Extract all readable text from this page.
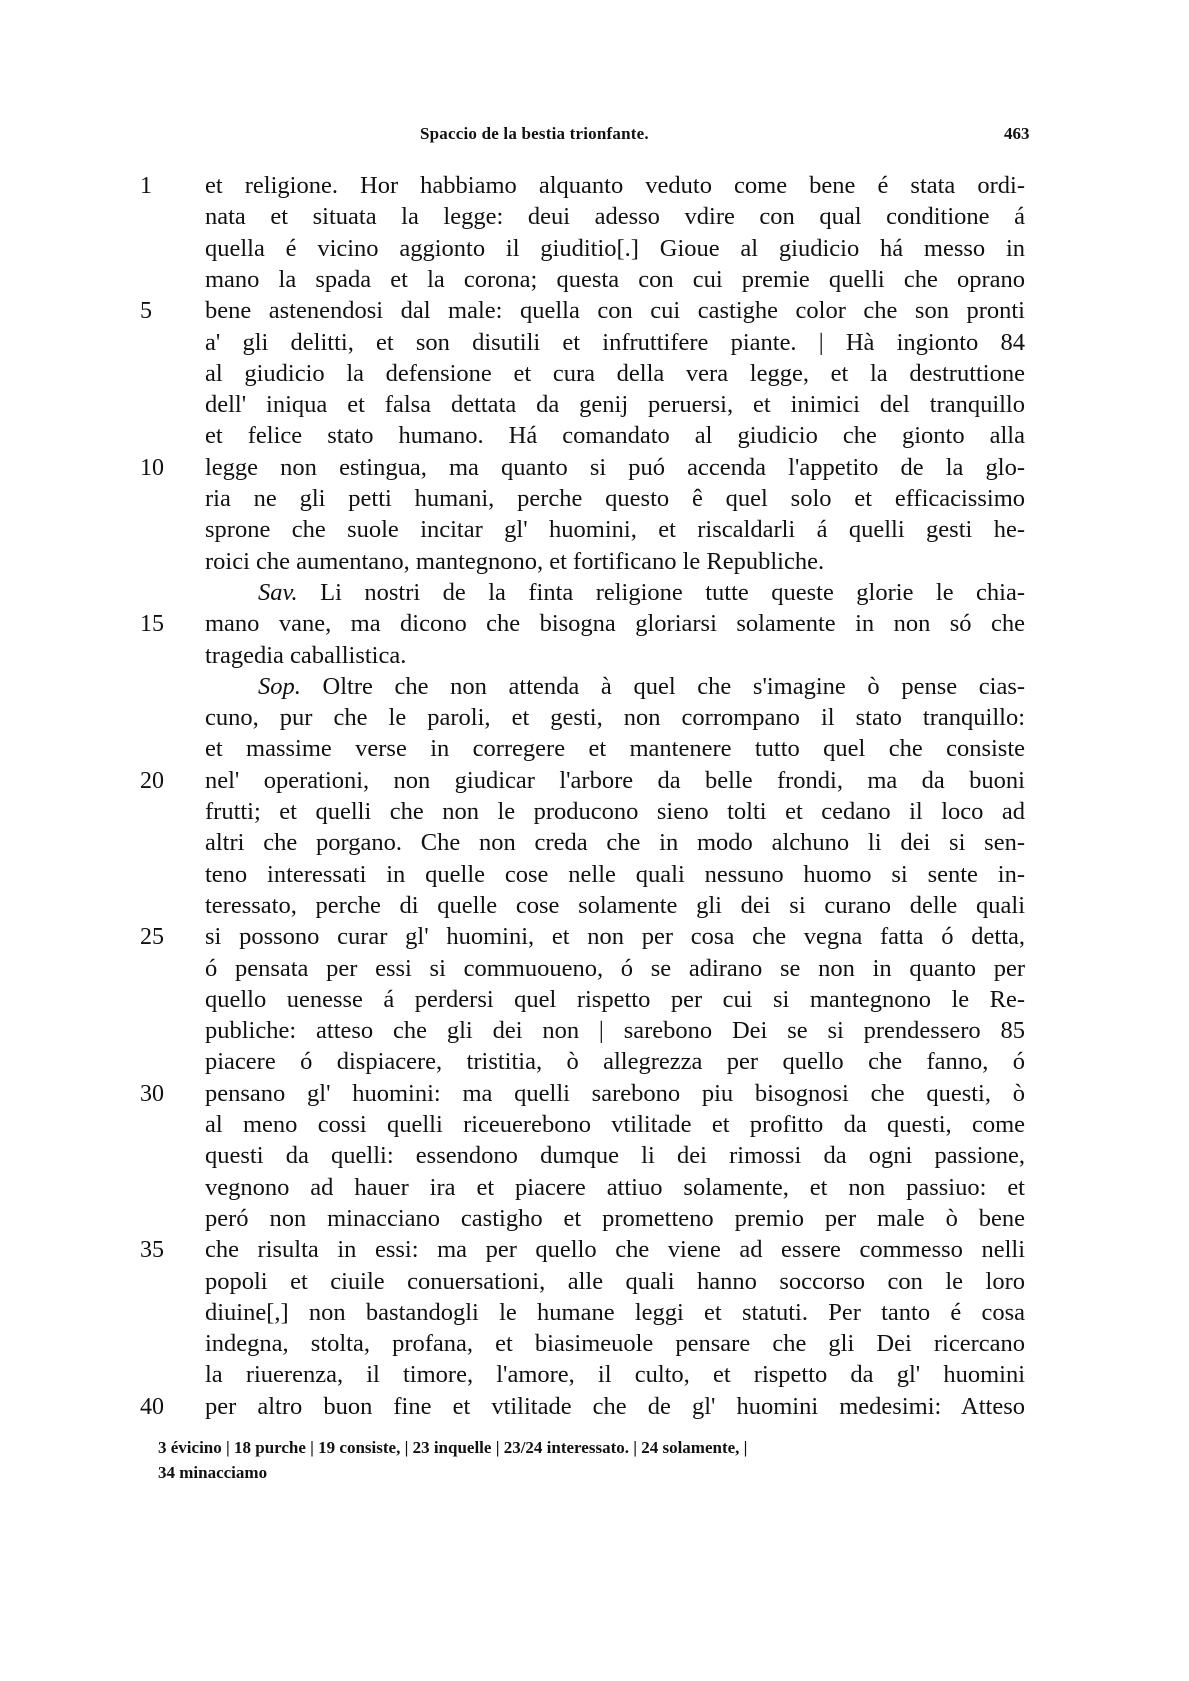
Spaccio de la bestia trionfante.	463
1	et religione. Hor habbiamo alquanto veduto come bene é stata ordi-
nata et situata la legge: deui adesso vdire con qual conditione á
quella é vicino aggionto il giuditio[.] Gioue al giudicio há messo in
mano la spada et la corona; questa con cui premie quelli che oprano
5	bene astenendosi dal male: quella con cui castighe color che son pronti
a' gli delitti, et son disutili et infruttifere piante. | Hà ingionto 84
al giudicio la defensione et cura della vera legge, et la destruttione
dell' iniqua et falsa dettata da genij peruersi, et inimici del tranquillo
et felice stato humano. Há comandato al giudicio che gionto alla
10	legge non estingua, ma quanto si puó accenda l'appetito de la glo-
ria ne gli petti humani, perche questo ê quel solo et efficacissimo
sprone che suole incitar gl' huomini, et riscaldarli á quelli gesti he-
roici che aumentano, mantegnono, et fortificano le Republiche.
Sav. Li nostri de la finta religione tutte queste glorie le chia-
15	mano vane, ma dicono che bisogna gloriarsi solamente in non só che
tragedia caballistica.
Sop. Oltre che non attenda à quel che s'imagine ò pense cias-
cuno, pur che le paroli, et gesti, non corrompano il stato tranquillo:
et massime verse in corregere et mantenere tutto quel che consiste
20	nel' operationi, non giudicar l'arbore da belle frondi, ma da buoni
frutti; et quelli che non le producono sieno tolti et cedano il loco ad
altri che porgano. Che non creda che in modo alchuno li dei si sen-
teno interessati in quelle cose nelle quali nessuno huomo si sente in-
teressato, perche di quelle cose solamente gli dei si curano delle quali
25	si possono curar gl' huomini, et non per cosa che vegna fatta ó detta,
ó pensata per essi si commuoueno, ó se adirano se non in quanto per
quello uenesse á perdersi quel rispetto per cui si mantegnono le Re-
publiche: atteso che gli dei non | sarebono Dei se si prendessero 85
piacere ó dispiacere, tristitia, ò allegrezza per quello che fanno, ó
30	pensano gl' huomini: ma quelli sarebono piu bisognosi che questi, ò
al meno cossi quelli riceuerebono vtilitade et profitto da questi, come
questi da quelli: essendono dumque li dei rimossi da ogni passione,
vegnono ad hauer ira et piacere attiuo solamente, et non passiuo: et
peró non minacciano castigho et prometteno premio per male ò bene
35	che risulta in essi: ma per quello che viene ad essere commesso nelli
popoli et ciuile conuersationi, alle quali hanno soccorso con le loro
diuine[,] non bastandogli le humane leggi et statuti. Per tanto é cosa
indegna, stolta, profana, et biasimeuole pensare che gli Dei ricercano
la riuerenza, il timore, l'amore, il culto, et rispetto da gl' huomini
40	per altro buon fine et vtilitade che de gl' huomini medesimi: Atteso
3 évicino | 18 purche | 19 consiste, | 23 inquelle | 23/24 interessato. | 24 solamente, |
34 minacciamo
